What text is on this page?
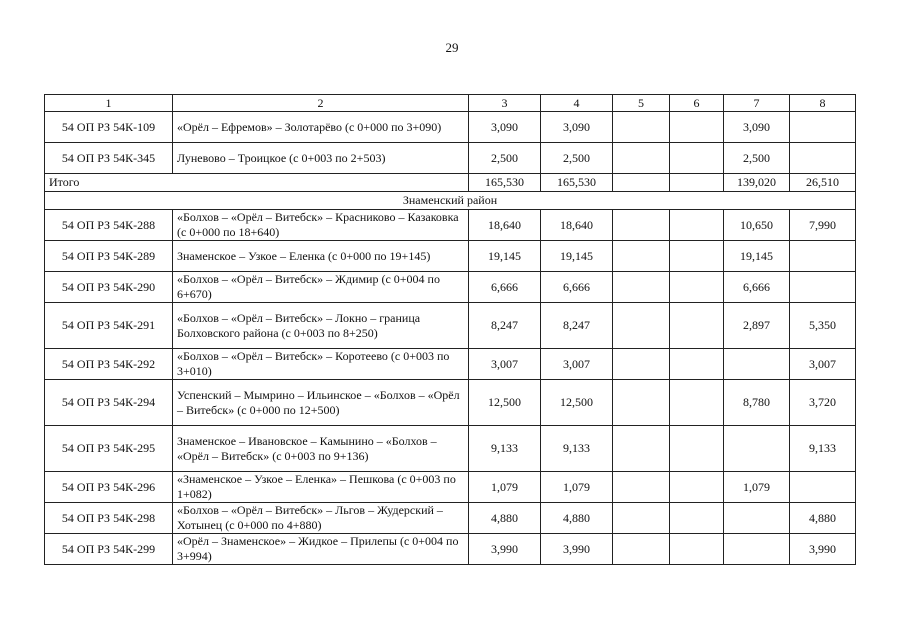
29
1	2	3	4	5	6	7	8
54 ОП РЗ 54К-109	«Орёл – Ефремов» – Золотарёво (с 0+000 по 3+090)	3,090	3,090			3,090	
54 ОП РЗ 54К-345	Луневово – Троицкое (с 0+003 по 2+503)	2,500	2,500			2,500	
Итого		165,530	165,530			139,020	26,510
Знаменский район							
54 ОП РЗ 54К-288	«Болхов – «Орёл – Витебск» – Красниково – Казаковка (с 0+000 по 18+640)	18,640	18,640			10,650	7,990
54 ОП РЗ 54К-289	Знаменское – Узкое – Еленка (с 0+000 по 19+145)	19,145	19,145			19,145	
54 ОП РЗ 54К-290	«Болхов – «Орёл – Витебск» – Ждимир (с 0+004 по 6+670)	6,666	6,666			6,666	
54 ОП РЗ 54К-291	«Болхов – «Орёл – Витебск» – Локно – граница Болховского района (с 0+003 по 8+250)	8,247	8,247			2,897	5,350
54 ОП РЗ 54К-292	«Болхов – «Орёл – Витебск» – Коротеево (с 0+003 по 3+010)	3,007	3,007				3,007
54 ОП РЗ 54К-294	Успенский – Мымрино – Ильинское – «Болхов – «Орёл – Витебск» (с 0+000 по 12+500)	12,500	12,500			8,780	3,720
54 ОП РЗ 54К-295	Знаменское – Ивановское – Камынино – «Болхов – «Орёл – Витебск» (с 0+003 по 9+136)	9,133	9,133				9,133
54 ОП РЗ 54К-296	«Знаменское – Узкое – Еленка» – Пешкова (с 0+003 по 1+082)	1,079	1,079			1,079	
54 ОП РЗ 54К-298	«Болхов – «Орёл – Витебск» – Льгов – Жудерский – Хотынец (с 0+000 по 4+880)	4,880	4,880				4,880
54 ОП РЗ 54К-299	«Орёл – Знаменское» – Жидкое – Прилепы (с 0+004 по 3+994)	3,990	3,990				3,990
